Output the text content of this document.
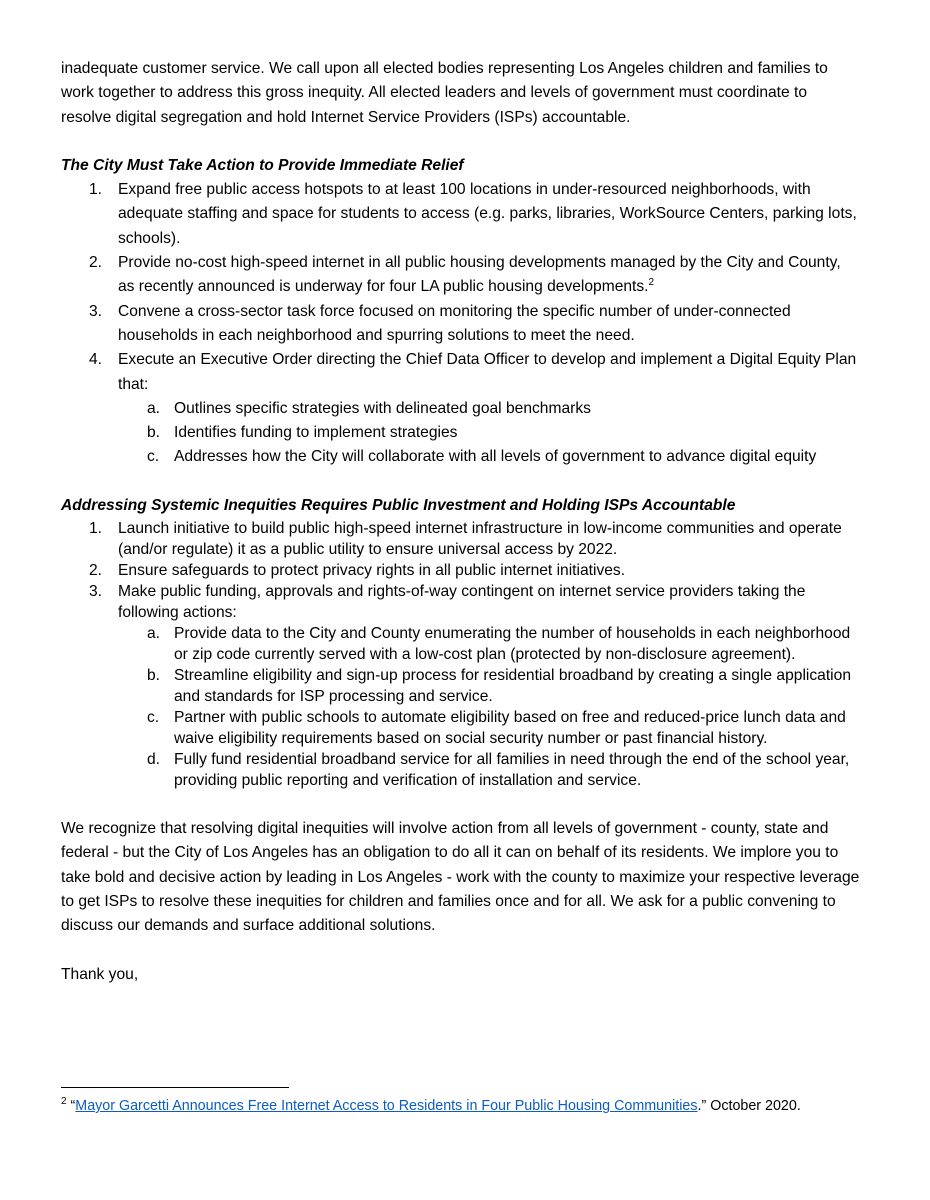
inadequate customer service. We call upon all elected bodies representing Los Angeles children and families to work together to address this gross inequity. All elected leaders and levels of government must coordinate to resolve digital segregation and hold Internet Service Providers (ISPs) accountable.

The City Must Take Action to Provide Immediate Relief

1. Expand free public access hotspots to at least 100 locations in under-resourced neighborhoods, with adequate staffing and space for students to access (e.g. parks, libraries, WorkSource Centers, parking lots, schools).
2. Provide no-cost high-speed internet in all public housing developments managed by the City and County, as recently announced is underway for four LA public housing developments.$^2$
3. Convene a cross-sector task force focused on monitoring the specific number of under-connected households in each neighborhood and spurring solutions to meet the need.
4. Execute an Executive Order directing the Chief Data Officer to develop and implement a Digital Equity Plan that:
a. Outlines specific strategies with delineated goal benchmarks
b. Identifies funding to implement strategies
c. Addresses how the City will collaborate with all levels of government to advance digital equity

Addressing Systemic Inequities Requires Public Investment and Holding ISPs Accountable

1. Launch initiative to build public high-speed internet infrastructure in low-income communities and operate (and/or regulate) it as a public utility to ensure universal access by 2022.
2. Ensure safeguards to protect privacy rights in all public internet initiatives.
3. Make public funding, approvals and rights-of-way contingent on internet service providers taking the following actions:
a. Provide data to the City and County enumerating the number of households in each neighborhood or zip code currently served with a low-cost plan (protected by non-disclosure agreement).
b. Streamline eligibility and sign-up process for residential broadband by creating a single application and standards for ISP processing and service.
c. Partner with public schools to automate eligibility based on free and reduced-price lunch data and waive eligibility requirements based on social security number or past financial history.
d. Fully fund residential broadband service for all families in need through the end of the school year, providing public reporting and verification of installation and service.

We recognize that resolving digital inequities will involve action from all levels of government - county, state and federal - but the City of Los Angeles has an obligation to do all it can on behalf of its residents. We implore you to take bold and decisive action by leading in Los Angeles - work with the county to maximize your respective leverage to get ISPs to resolve these inequities for children and families once and for all. We ask for a public convening to discuss our demands and surface additional solutions.

Thank you,

$^2$ “Mayor Garcetti Announces Free Internet Access to Residents in Four Public Housing Communities.” October 2020.
